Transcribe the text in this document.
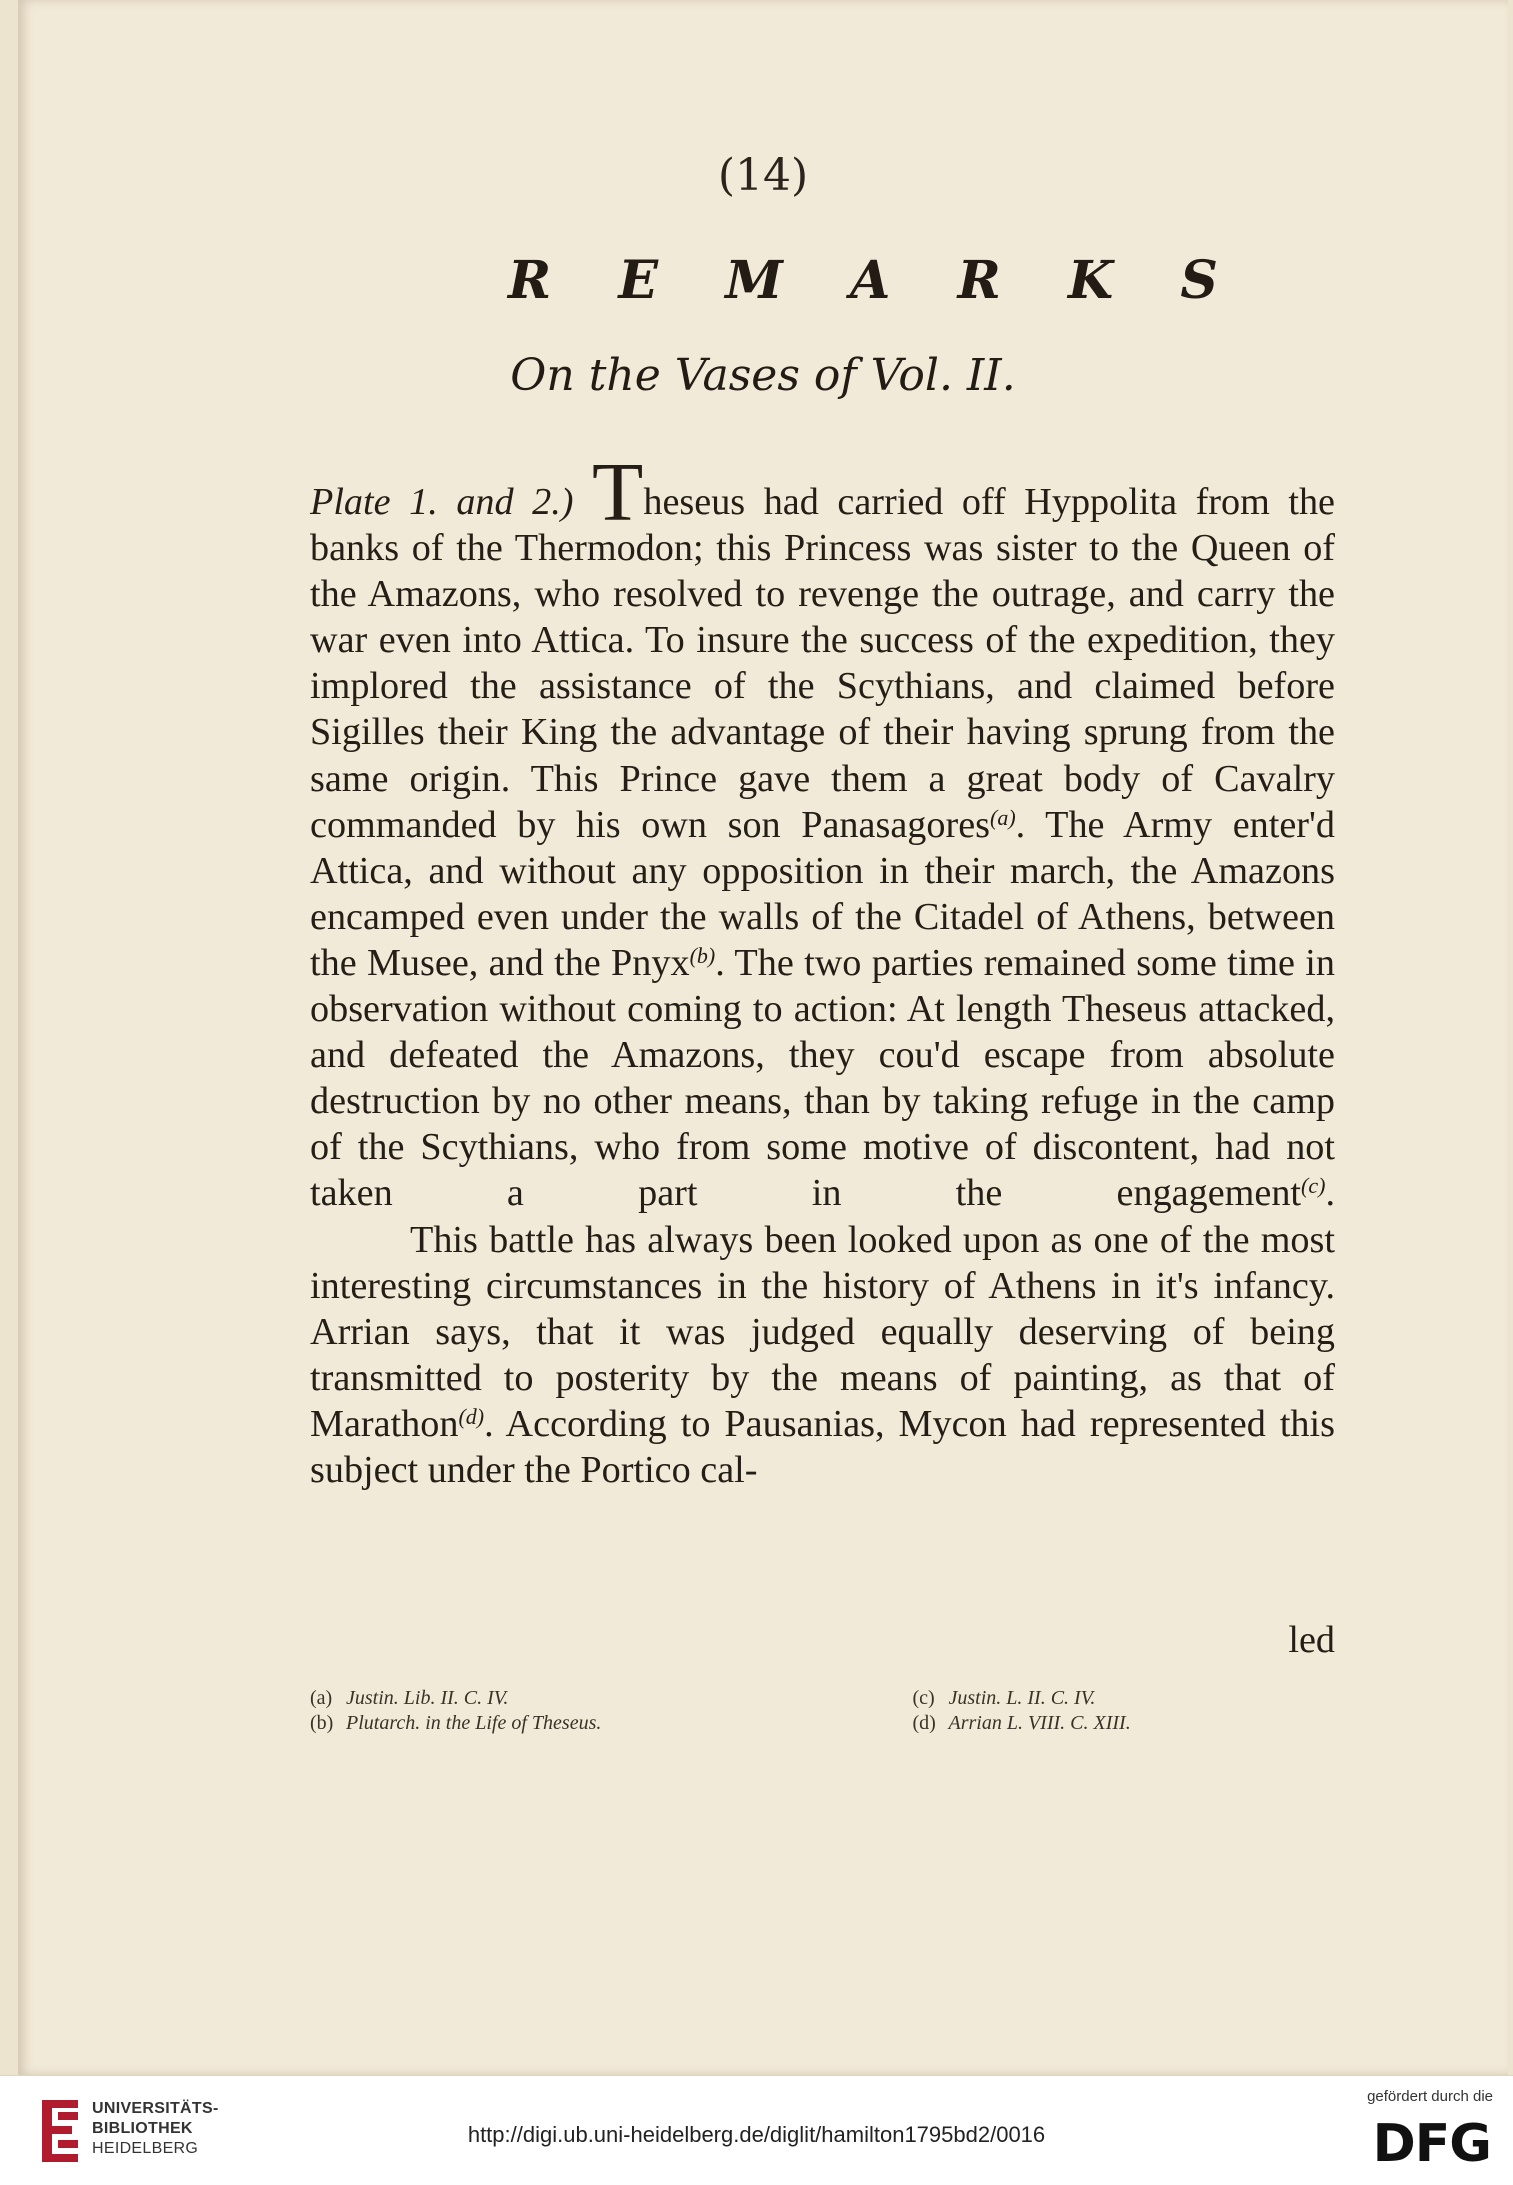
(14)
R E M A R K S
On the Vases of Vol. II.

Plate 1. and 2.) Theseus had carried off Hyppolita from the banks of the Thermodon; this Princess was sister to the Queen of the Amazons, who resolved to revenge the outrage, and carry the war even into Attica. To insure the success of the expedition, they implored the assistance of the Scythians, and claimed before Sigilles their King the advantage of their having sprung from the same origin. This Prince gave them a great body of Cavalry commanded by his own son Panasagores$^{(a)}$. The Army enter'd Attica, and without any opposition in their march, the Amazons encamped even under the walls of the Citadel of Athens, between the Musee, and the Pnyx$^{(b)}$. The two parties remained some time in observation without coming to action: At length Theseus attacked, and defeated the Amazons, they cou'd escape from absolute destruction by no other means, than by taking refuge in the camp of the Scythians, who from some motive of discontent, had not taken a part in the engagement$^{(c)}$.

This battle has always been looked upon as one of the most interesting circumstances in the history of Athens in it's infancy. Arrian says, that it was judged equally deserving of being transmitted to posterity by the means of painting, as that of Marathon$^{(d)}$. According to Pausanias, Mycon had represented this subject under the Portico cal-

led
(a) Justin. Lib. II. C. IV.
(b) Plutarch. in the Life of Theseus.
(c) Justin. L. II. C. IV.
(d) Arrian L. VIII. C. XIII.
UNIVERSITÄTS-
BIBLIOTHEK
HEIDELBERG
http://digi.ub.uni-heidelberg.de/diglit/hamilton1795bd2/0016
gefördert durch die
DFG
